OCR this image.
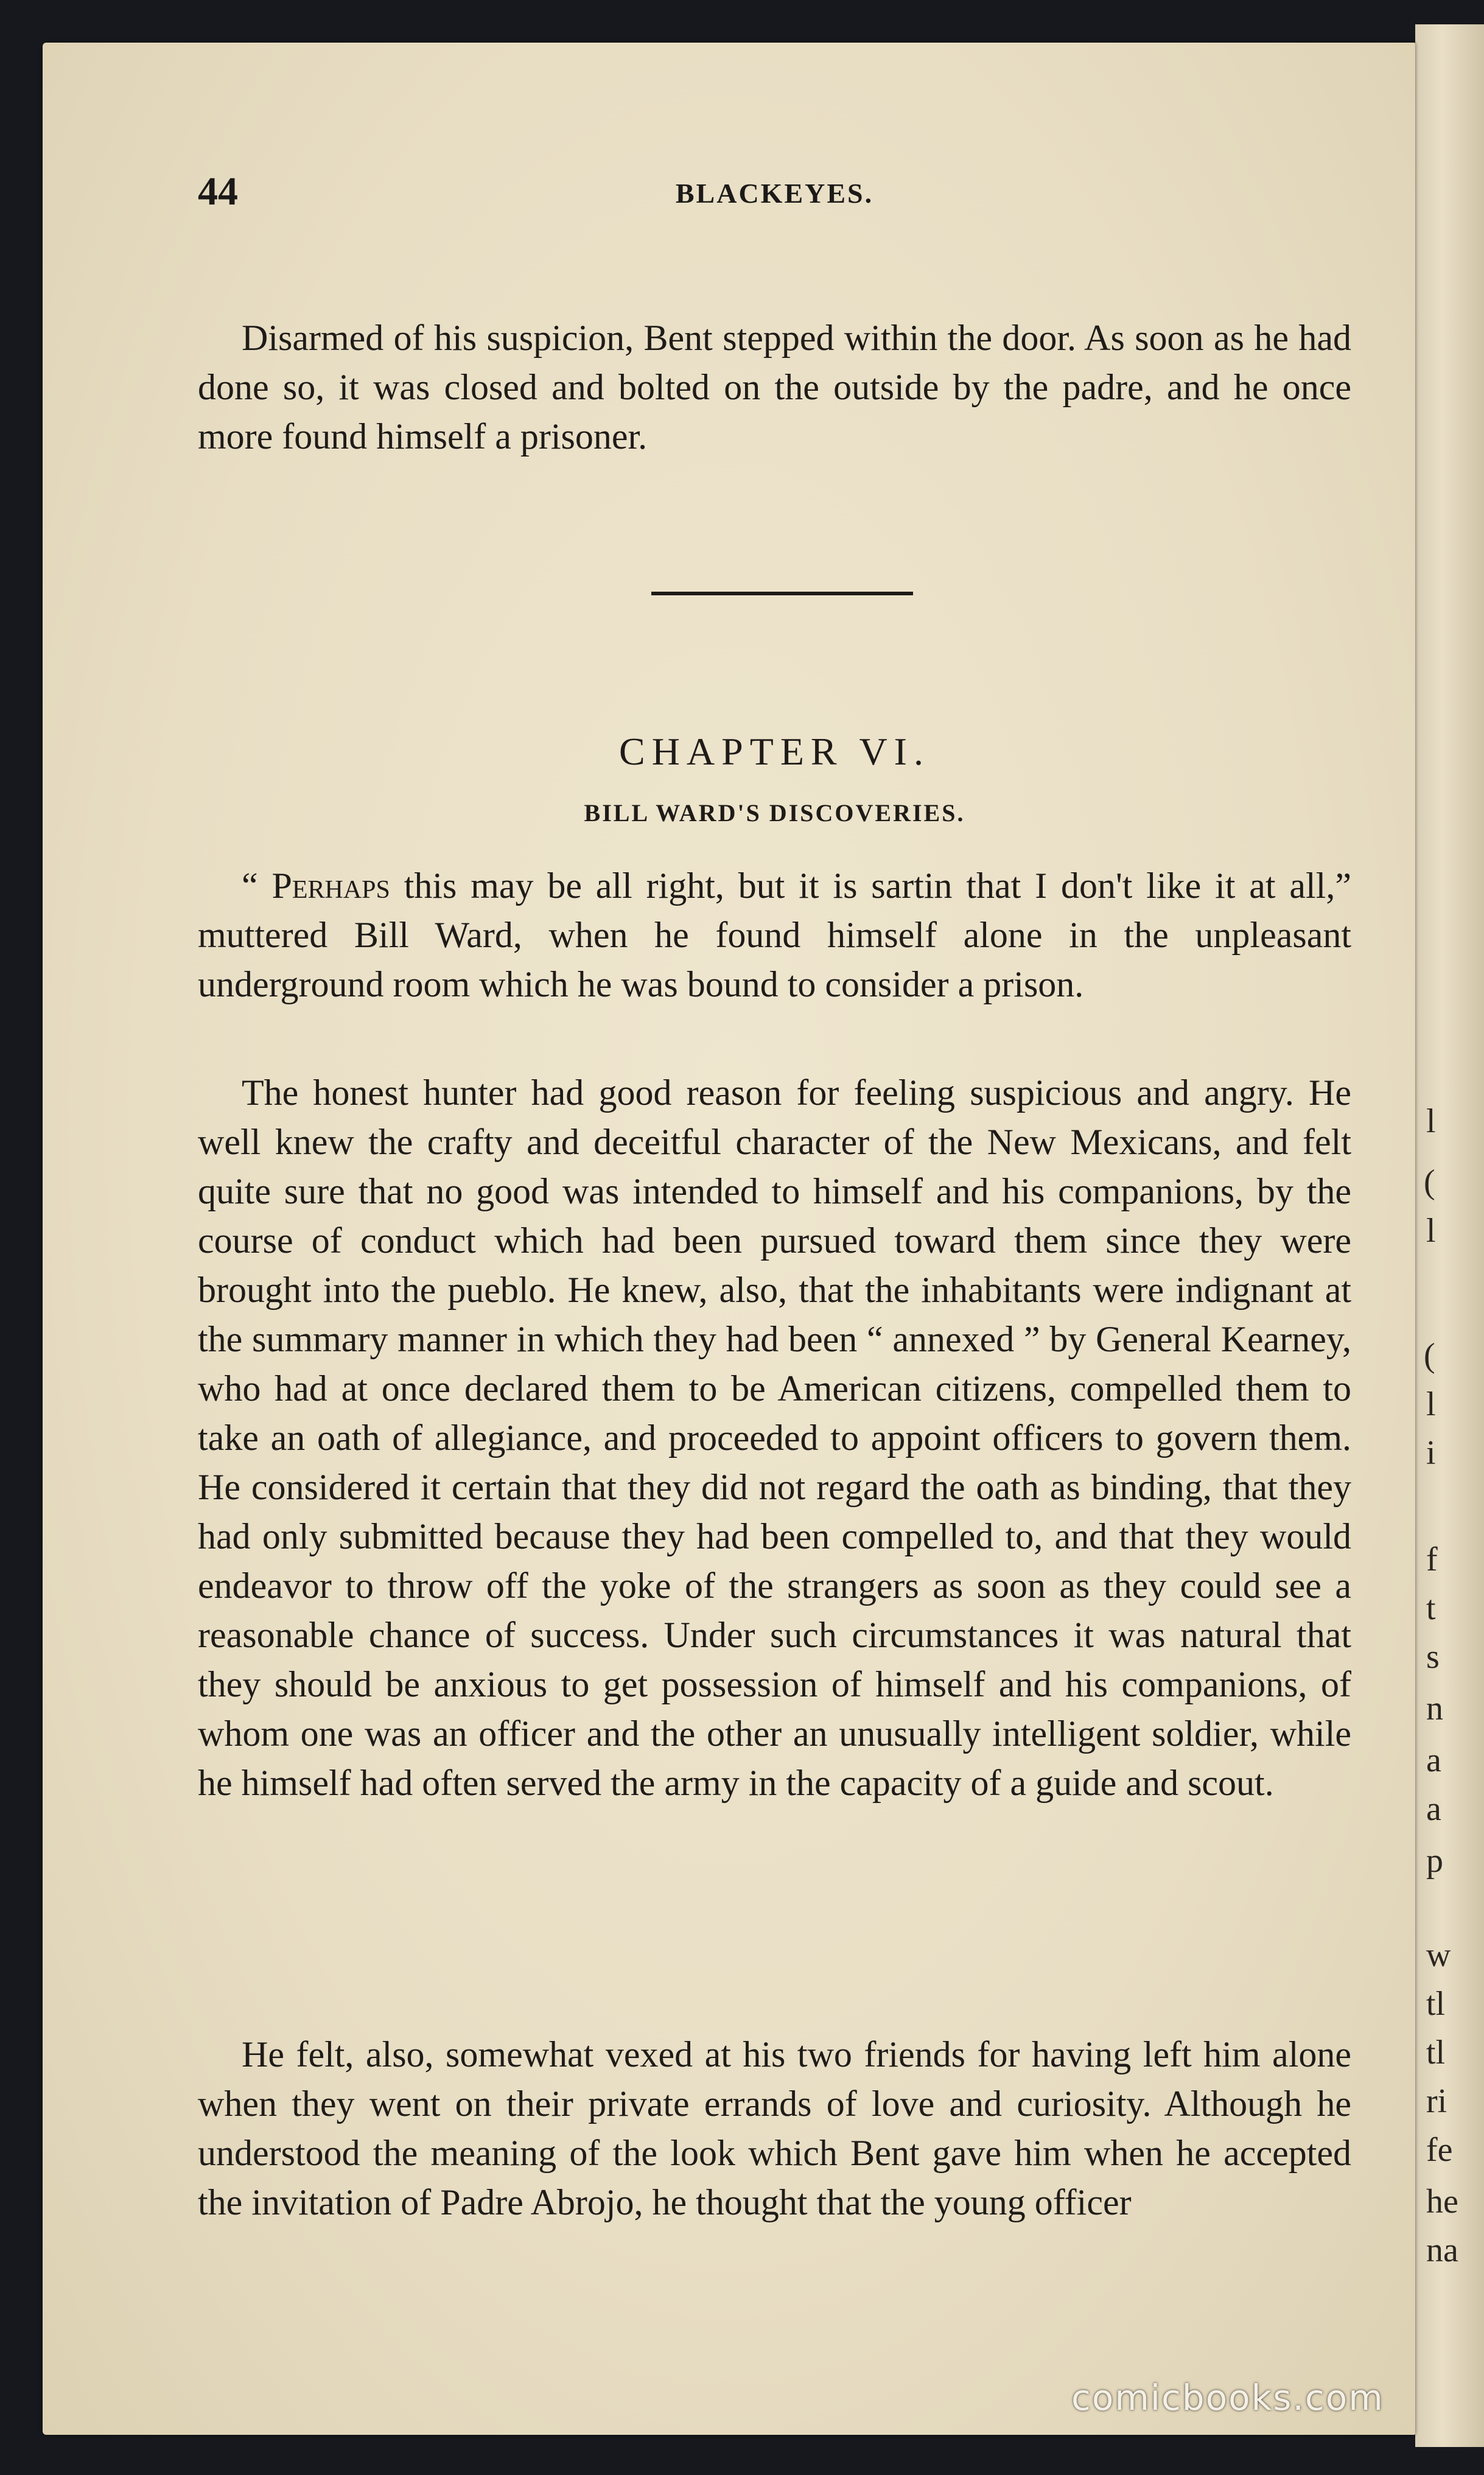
l
(
l
(
l
i
f
t
s
n
a
a
p
w
tl
tl
ri
fe
he
na
44	BLACKEYES.

Disarmed of his suspicion, Bent stepped within the door. As soon as he had done so, it was closed and bolted on the outside by the padre, and he once more found himself a prisoner.

CHAPTER VI.
BILL WARD'S DISCOVERIES.

“ Perhaps this may be all right, but it is sartin that I don't like it at all,” muttered Bill Ward, when he found himself alone in the unpleasant underground room which he was bound to consider a prison.

The honest hunter had good reason for feeling suspicious and angry. He well knew the crafty and deceitful character of the New Mexicans, and felt quite sure that no good was intended to himself and his companions, by the course of conduct which had been pursued toward them since they were brought into the pueblo. He knew, also, that the inhabitants were indignant at the summary manner in which they had been “ annexed ” by General Kearney, who had at once declared them to be American citizens, compelled them to take an oath of allegiance, and proceeded to appoint officers to govern them. He considered it certain that they did not regard the oath as binding, that they had only submitted because they had been compelled to, and that they would endeavor to throw off the yoke of the strangers as soon as they could see a reasonable chance of success. Under such circumstances it was natural that they should be anxious to get possession of himself and his companions, of whom one was an officer and the other an unusually intelligent soldier, while he himself had often served the army in the capacity of a guide and scout.

He felt, also, somewhat vexed at his two friends for having left him alone when they went on their private errands of love and curiosity. Although he understood the meaning of the look which Bent gave him when he accepted the invitation of Padre Abrojo, he thought that the young officer

comicbooks.com
